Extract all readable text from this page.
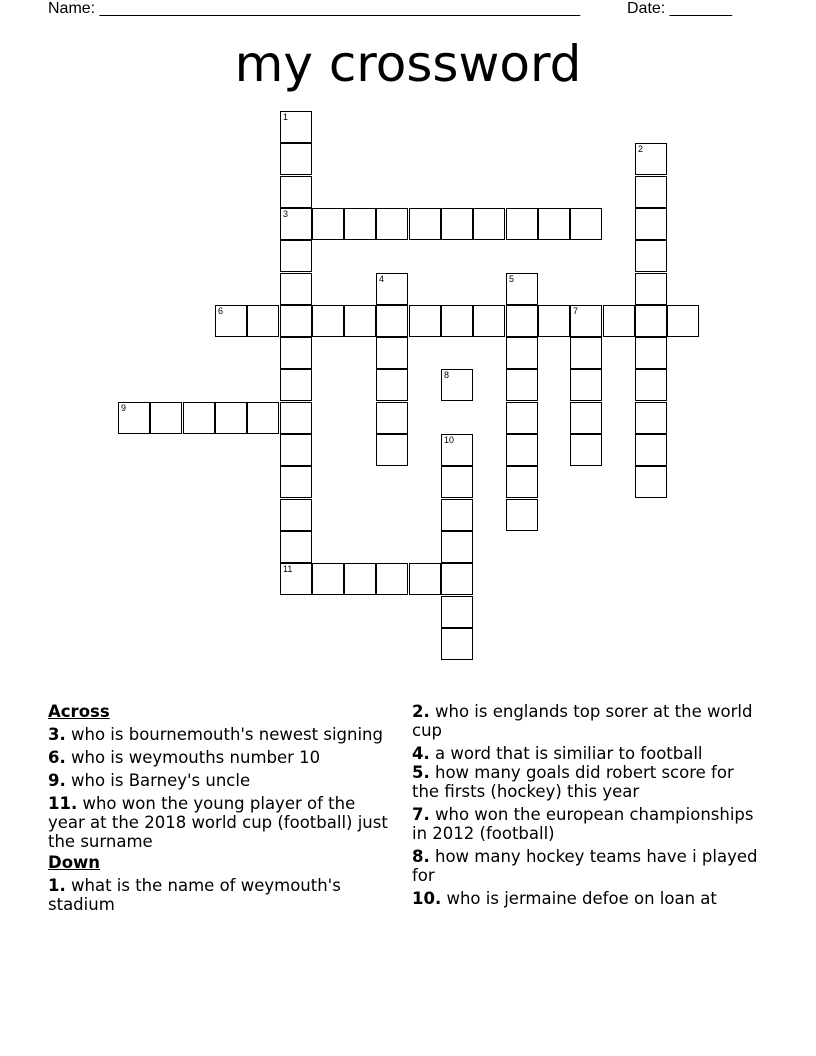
Name: ______________________________________________________	Date: _______
my crossword
1
3
11
2
4	5
6	7
8
9
10
Across
3. who is bournemouth's newest signing
6. who is weymouths number 10
9. who is Barney's uncle
11. who won the young player of the year at the 2018 world cup (football) just the surname
Down
1. what is the name of weymouth's stadium
2. who is englands top sorer at the world cup
4. a word that is similiar to football
5. how many goals did robert score for the firsts (hockey) this year
7. who won the european championships in 2012 (football)
8. how many hockey teams have i played for
10. who is jermaine defoe on loan at
